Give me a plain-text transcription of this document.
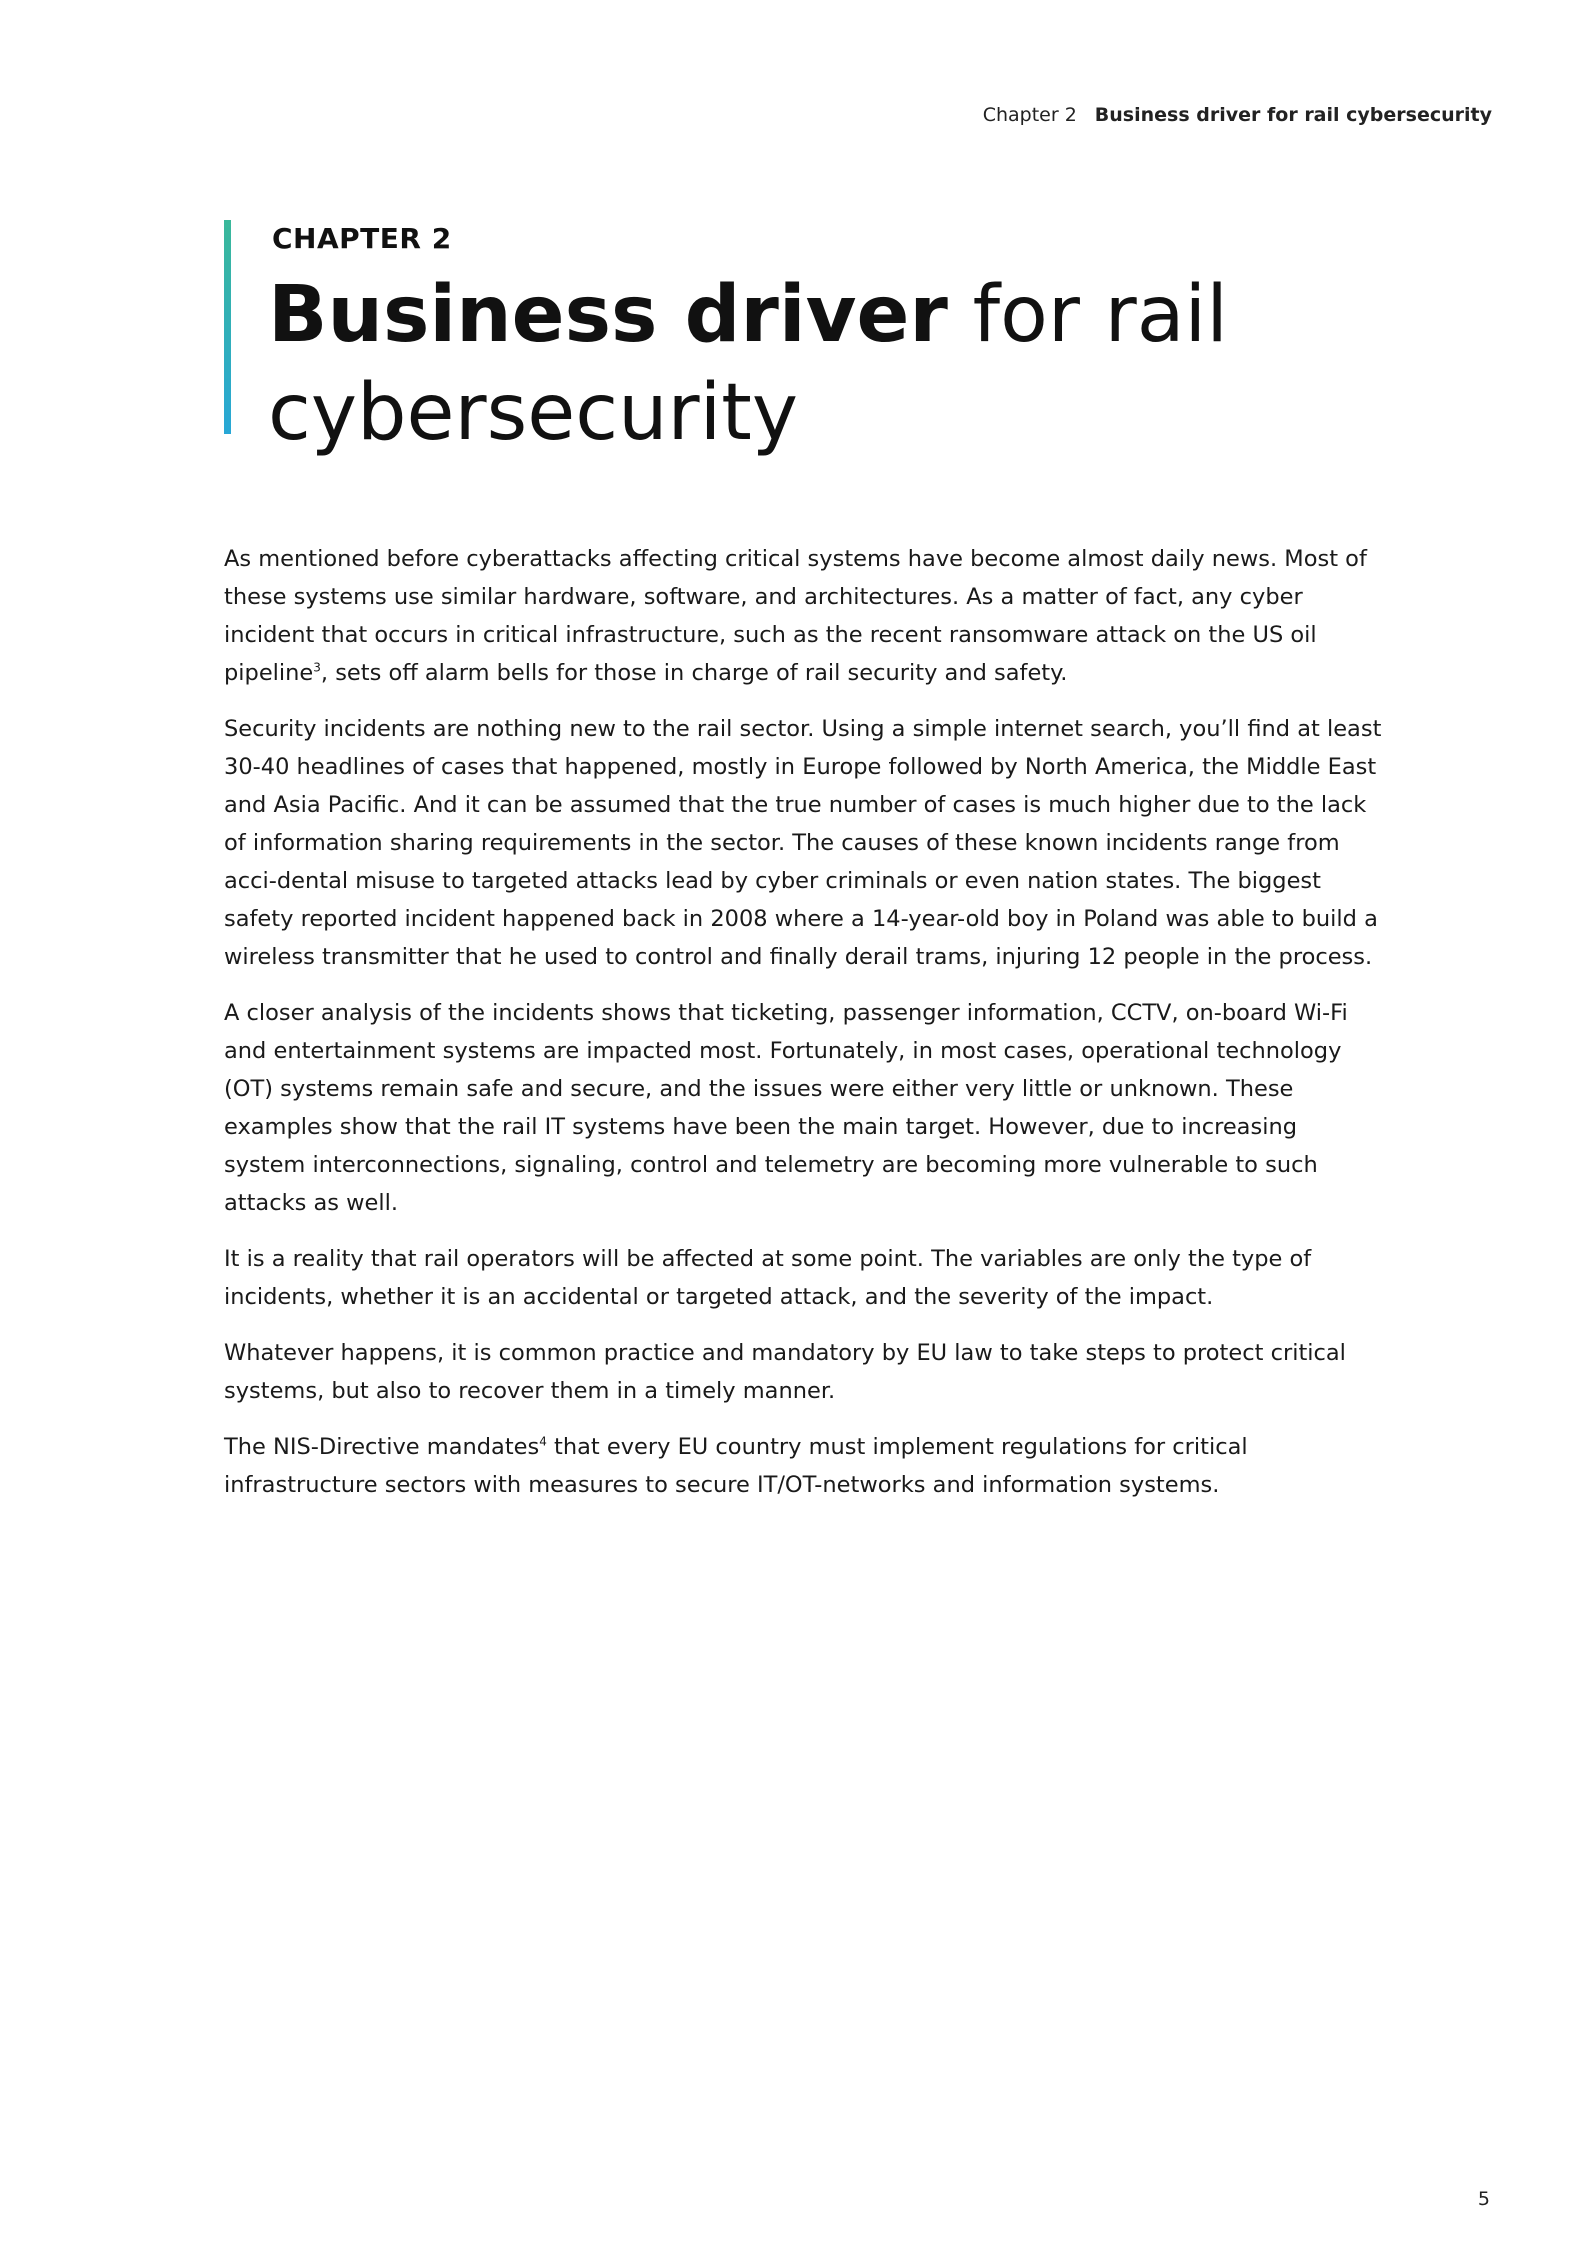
Chapter 2 Business driver for rail cybersecurity
CHAPTER 2
Business driver for rail cybersecurity

As mentioned before cyberattacks affecting critical systems have become almost daily news. Most of these systems use similar hardware, software, and architectures. As a matter of fact, any cyber incident that occurs in critical infrastructure, such as the recent ransomware attack on the US oil pipeline$^3$, sets off alarm bells for those in charge of rail security and safety.

Security incidents are nothing new to the rail sector. Using a simple internet search, you’ll find at least 30-40 headlines of cases that happened, mostly in Europe followed by North America, the Middle East and Asia Pacific. And it can be assumed that the true number of cases is much higher due to the lack of information sharing requirements in the sector. The causes of these known incidents range from acci-dental misuse to targeted attacks lead by cyber criminals or even nation states. The biggest safety reported incident happened back in 2008 where a 14-year-old boy in Poland was able to build a wireless transmitter that he used to control and finally derail trams, injuring 12 people in the process.

A closer analysis of the incidents shows that ticketing, passenger information, CCTV, on-board Wi-Fi and entertainment systems are impacted most. Fortunately, in most cases, operational technology (OT) systems remain safe and secure, and the issues were either very little or unknown. These examples show that the rail IT systems have been the main target. However, due to increasing system interconnections, signaling, control and telemetry are becoming more vulnerable to such attacks as well.

It is a reality that rail operators will be affected at some point. The variables are only the type of incidents, whether it is an accidental or targeted attack, and the severity of the impact.

Whatever happens, it is common practice and mandatory by EU law to take steps to protect critical systems, but also to recover them in a timely manner.

The NIS-Directive mandates$^4$ that every EU country must implement regulations for critical infrastructure sectors with measures to secure IT/OT-networks and information systems.

5
